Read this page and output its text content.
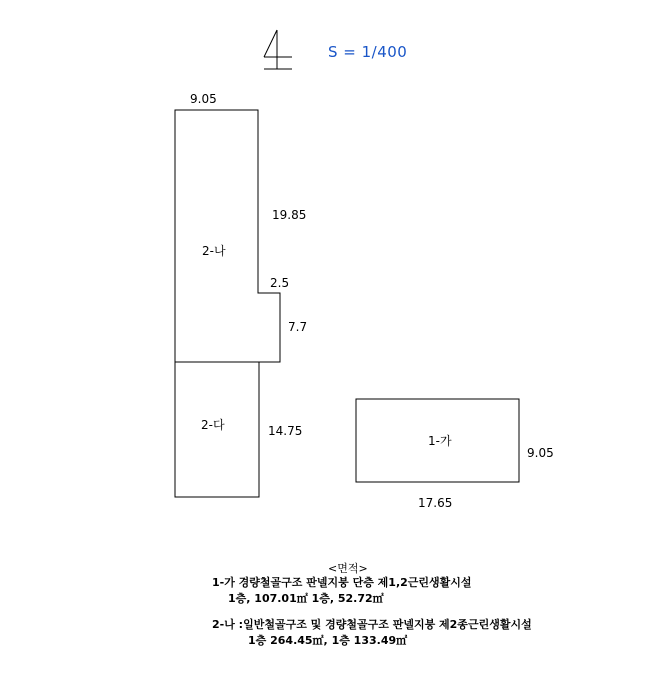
S = 1/400
9.05
19.85
2-나
2.5
7.7
2-다	14.75
1-가
9.05
17.65
<면적>
1-가 경량철골구조 판넬지붕 단층 제1,2근린생활시설
1층, 107.01㎡ 1층, 52.72㎡
2-나 :일반철골구조 및 경량철골구조 판넬지붕 제2종근린생활시설
1층 264.45㎡, 1층 133.49㎡
